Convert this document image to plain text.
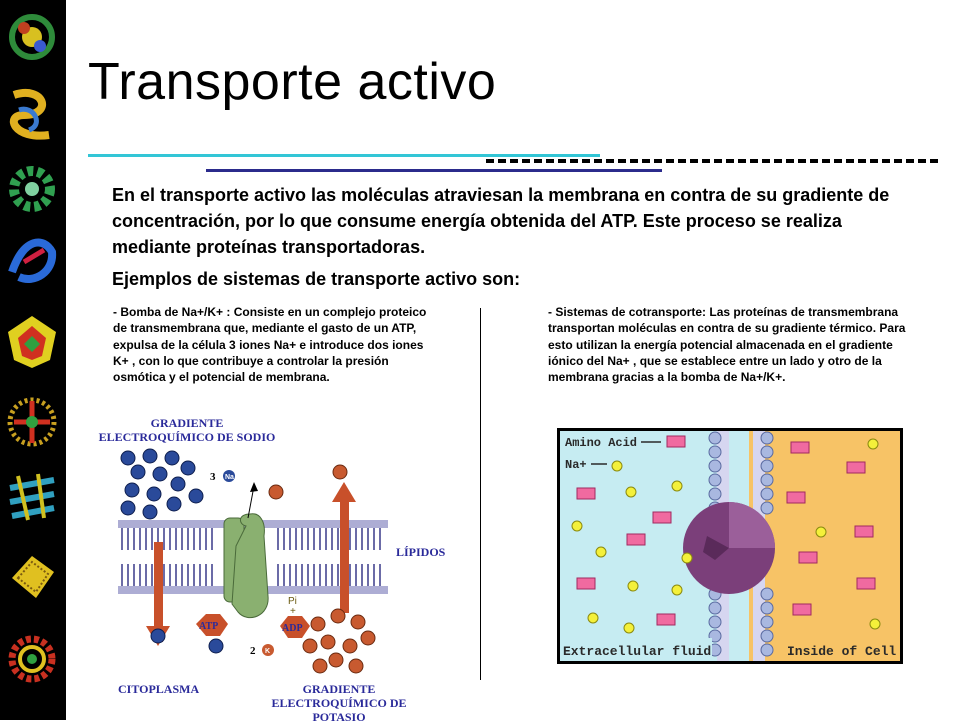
Transporte activo

En el transporte activo las moléculas atraviesan la membrana en contra de su gradiente de concentración, por lo que consume energía obtenida del ATP. Este proceso se realiza mediante proteínas transportadoras.

Ejemplos de sistemas de transporte activo son:

- Bomba de Na+/K+ : Consiste en un complejo proteico de transmembrana que, mediante el gasto de un ATP, expulsa de la célula 3 iones Na+ e introduce dos iones K+ , con lo que contribuye a controlar la presión osmótica y el potencial de membrana.

- Sistemas de cotransporte: Las proteínas de transmembrana transportan moléculas en contra de su gradiente térmico. Para esto utilizan la energía potencial almacenada en el gradiente iónico del Na+ , que se establece entre un lado y otro de la membrana gracias a la bomba de Na+/K+.

GRADIENTE ELECTROQUÍMICO DE SODIO
LÍPIDOS
CITOPLASMA	GRADIENTE ELECTROQUÍMICO DE POTASIO
3 Na
ATP	ADP
Pi
+
2 K
Amino Acid
Na+
Extracellular fluid	Inside of Cell
